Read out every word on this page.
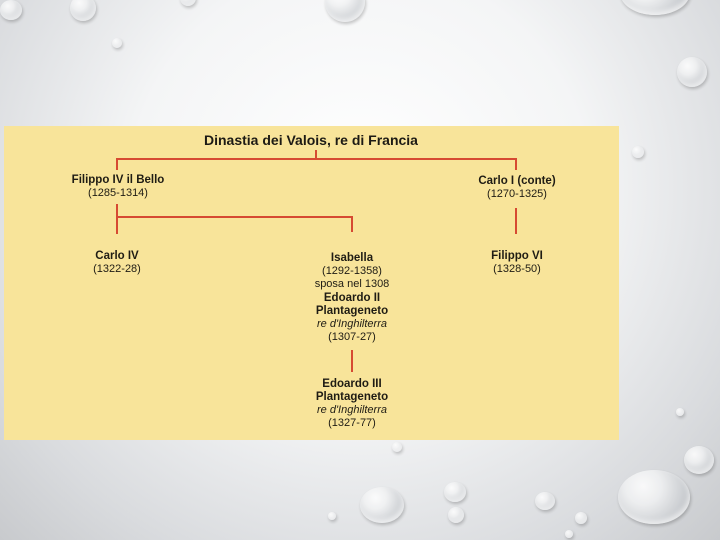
Dinastia dei Valois, re di Francia
Filippo IV il Bello
(1285-1314)
Carlo I (conte)
(1270-1325)
Carlo IV
(1322-28)
Isabella
(1292-1358)
sposa nel 1308
Edoardo II
Plantageneto
re d'Inghilterra
(1307-27)
Filippo VI
(1328-50)
Edoardo III
Plantageneto
re d'Inghilterra
(1327-77)
